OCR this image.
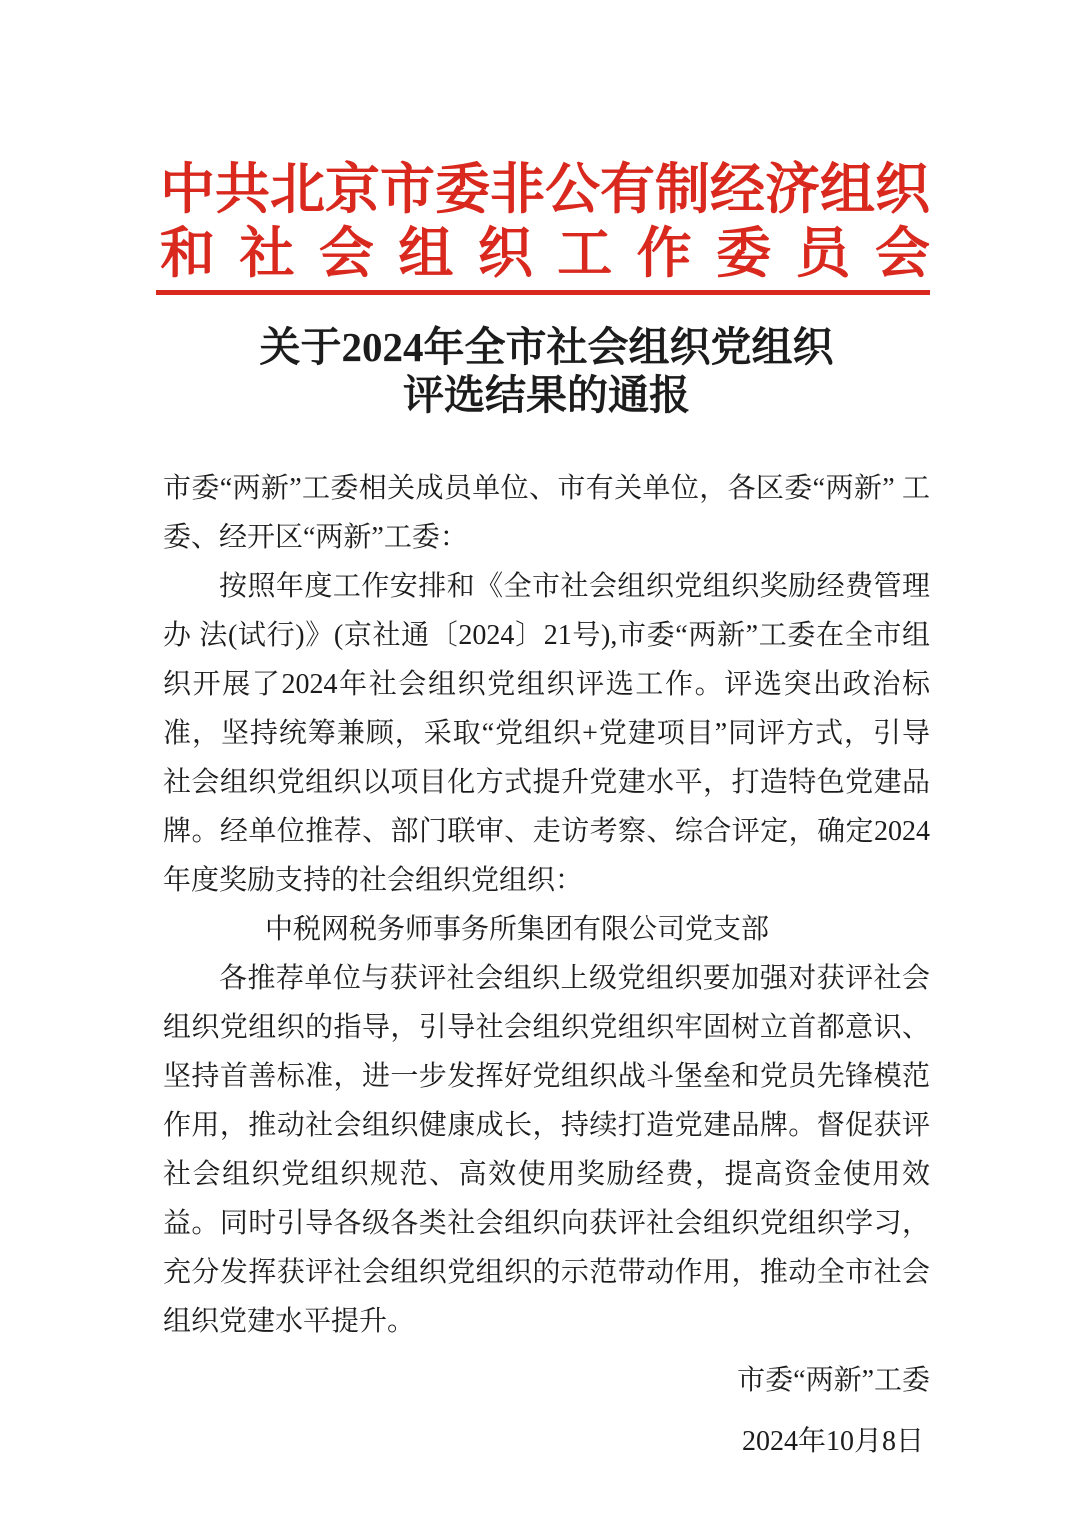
中共北京市委非公有制经济组织
和社会组织工作委员会
关于2024年全市社会组织党组织
评选结果的通报

市委“两新”工委相关成员单位、市有关单位，各区委“两新” 工委、经开区“两新”工委：

按照年度工作安排和《全市社会组织党组织奖励经费管理办 法(试行)》(京社通〔2024〕21号),市委“两新”工委在全市组织开展了2024年社会组织党组织评选工作。评选突出政治标准，坚持统筹兼顾，采取“党组织+党建项目”同评方式，引导社会组织党组织以项目化方式提升党建水平，打造特色党建品牌。经单位推荐、部门联审、走访考察、综合评定，确定2024年度奖励支持的社会组织党组织：

中税网税务师事务所集团有限公司党支部

各推荐单位与获评社会组织上级党组织要加强对获评社会组织党组织的指导，引导社会组织党组织牢固树立首都意识、坚持首善标准，进一步发挥好党组织战斗堡垒和党员先锋模范作用，推动社会组织健康成长，持续打造党建品牌。督促获评社会组织党组织规范、高效使用奖励经费，提高资金使用效益。同时引导各级各类社会组织向获评社会组织党组织学习，充分发挥获评社会组织党组织的示范带动作用，推动全市社会组织党建水平提升。

市委“两新”工委

2024年10月8日
